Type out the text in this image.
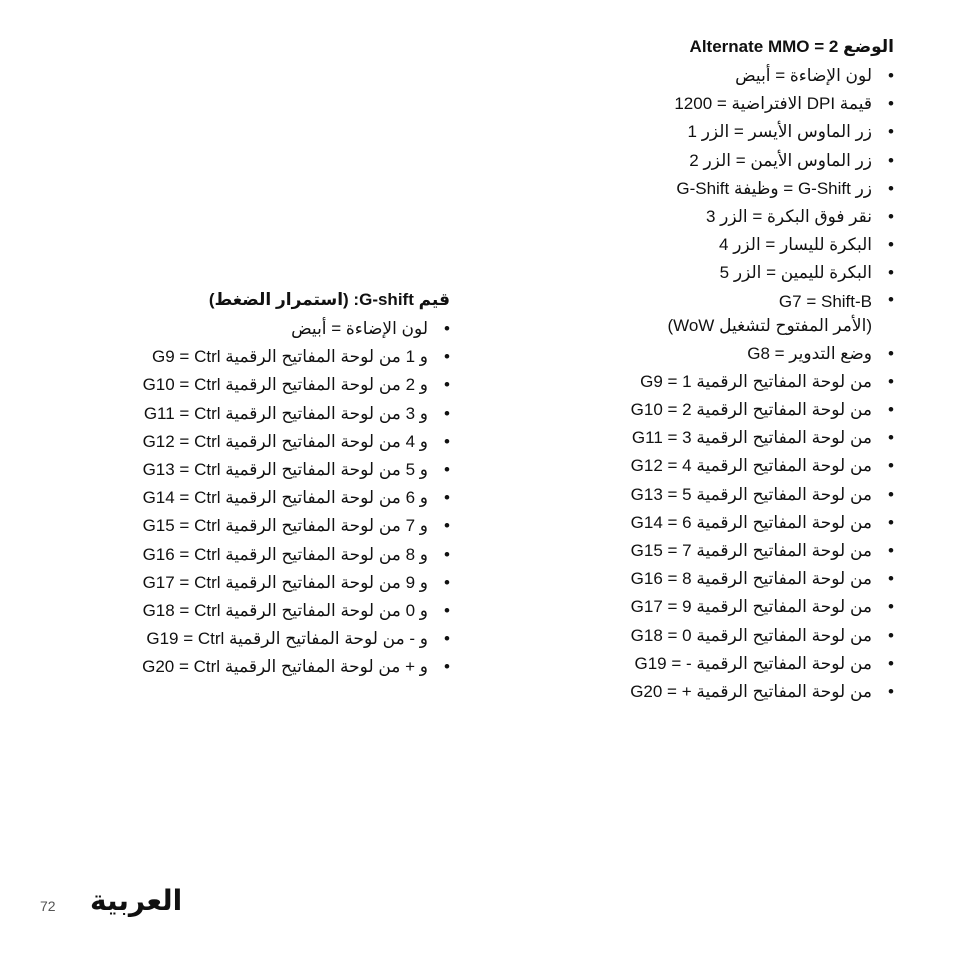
الوضع 2 = Alternate MMO
• لون الإضاءة = أبيض
• قيمة DPI الافتراضية = 1200
• زر الماوس الأيسر = الزر 1
• زر الماوس الأيمن = الزر 2
• زر G-Shift = وظيفة G-Shift
• نقر فوق البكرة = الزر 3
• البكرة لليسار = الزر 4
• البكرة لليمين = الزر 5
• G7 = Shift-B
(الأمر المفتوح لتشغيل WoW)
• G8 = وضع التدوير
• G9 = 1 من لوحة المفاتيح الرقمية
• G10 = 2 من لوحة المفاتيح الرقمية
• G11 = 3 من لوحة المفاتيح الرقمية
• G12 = 4 من لوحة المفاتيح الرقمية
• G13 = 5 من لوحة المفاتيح الرقمية
• G14 = 6 من لوحة المفاتيح الرقمية
• G15 = 7 من لوحة المفاتيح الرقمية
• G16 = 8 من لوحة المفاتيح الرقمية
• G17 = 9 من لوحة المفاتيح الرقمية
• G18 = 0 من لوحة المفاتيح الرقمية
• G19 = - من لوحة المفاتيح الرقمية
• G20 = + من لوحة المفاتيح الرقمية
قيم G-shift: (استمرار الضغط)
• لون الإضاءة = أبيض
• G9 = Ctrl و 1 من لوحة المفاتيح الرقمية
• G10 = Ctrl و 2 من لوحة المفاتيح الرقمية
• G11 = Ctrl و 3 من لوحة المفاتيح الرقمية
• G12 = Ctrl و 4 من لوحة المفاتيح الرقمية
• G13 = Ctrl و 5 من لوحة المفاتيح الرقمية
• G14 = Ctrl و 6 من لوحة المفاتيح الرقمية
• G15 = Ctrl و 7 من لوحة المفاتيح الرقمية
• G16 = Ctrl و 8 من لوحة المفاتيح الرقمية
• G17 = Ctrl و 9 من لوحة المفاتيح الرقمية
• G18 = Ctrl و 0 من لوحة المفاتيح الرقمية
• G19 = Ctrl و - من لوحة المفاتيح الرقمية
• G20 = Ctrl و + من لوحة المفاتيح الرقمية
72 العربية
